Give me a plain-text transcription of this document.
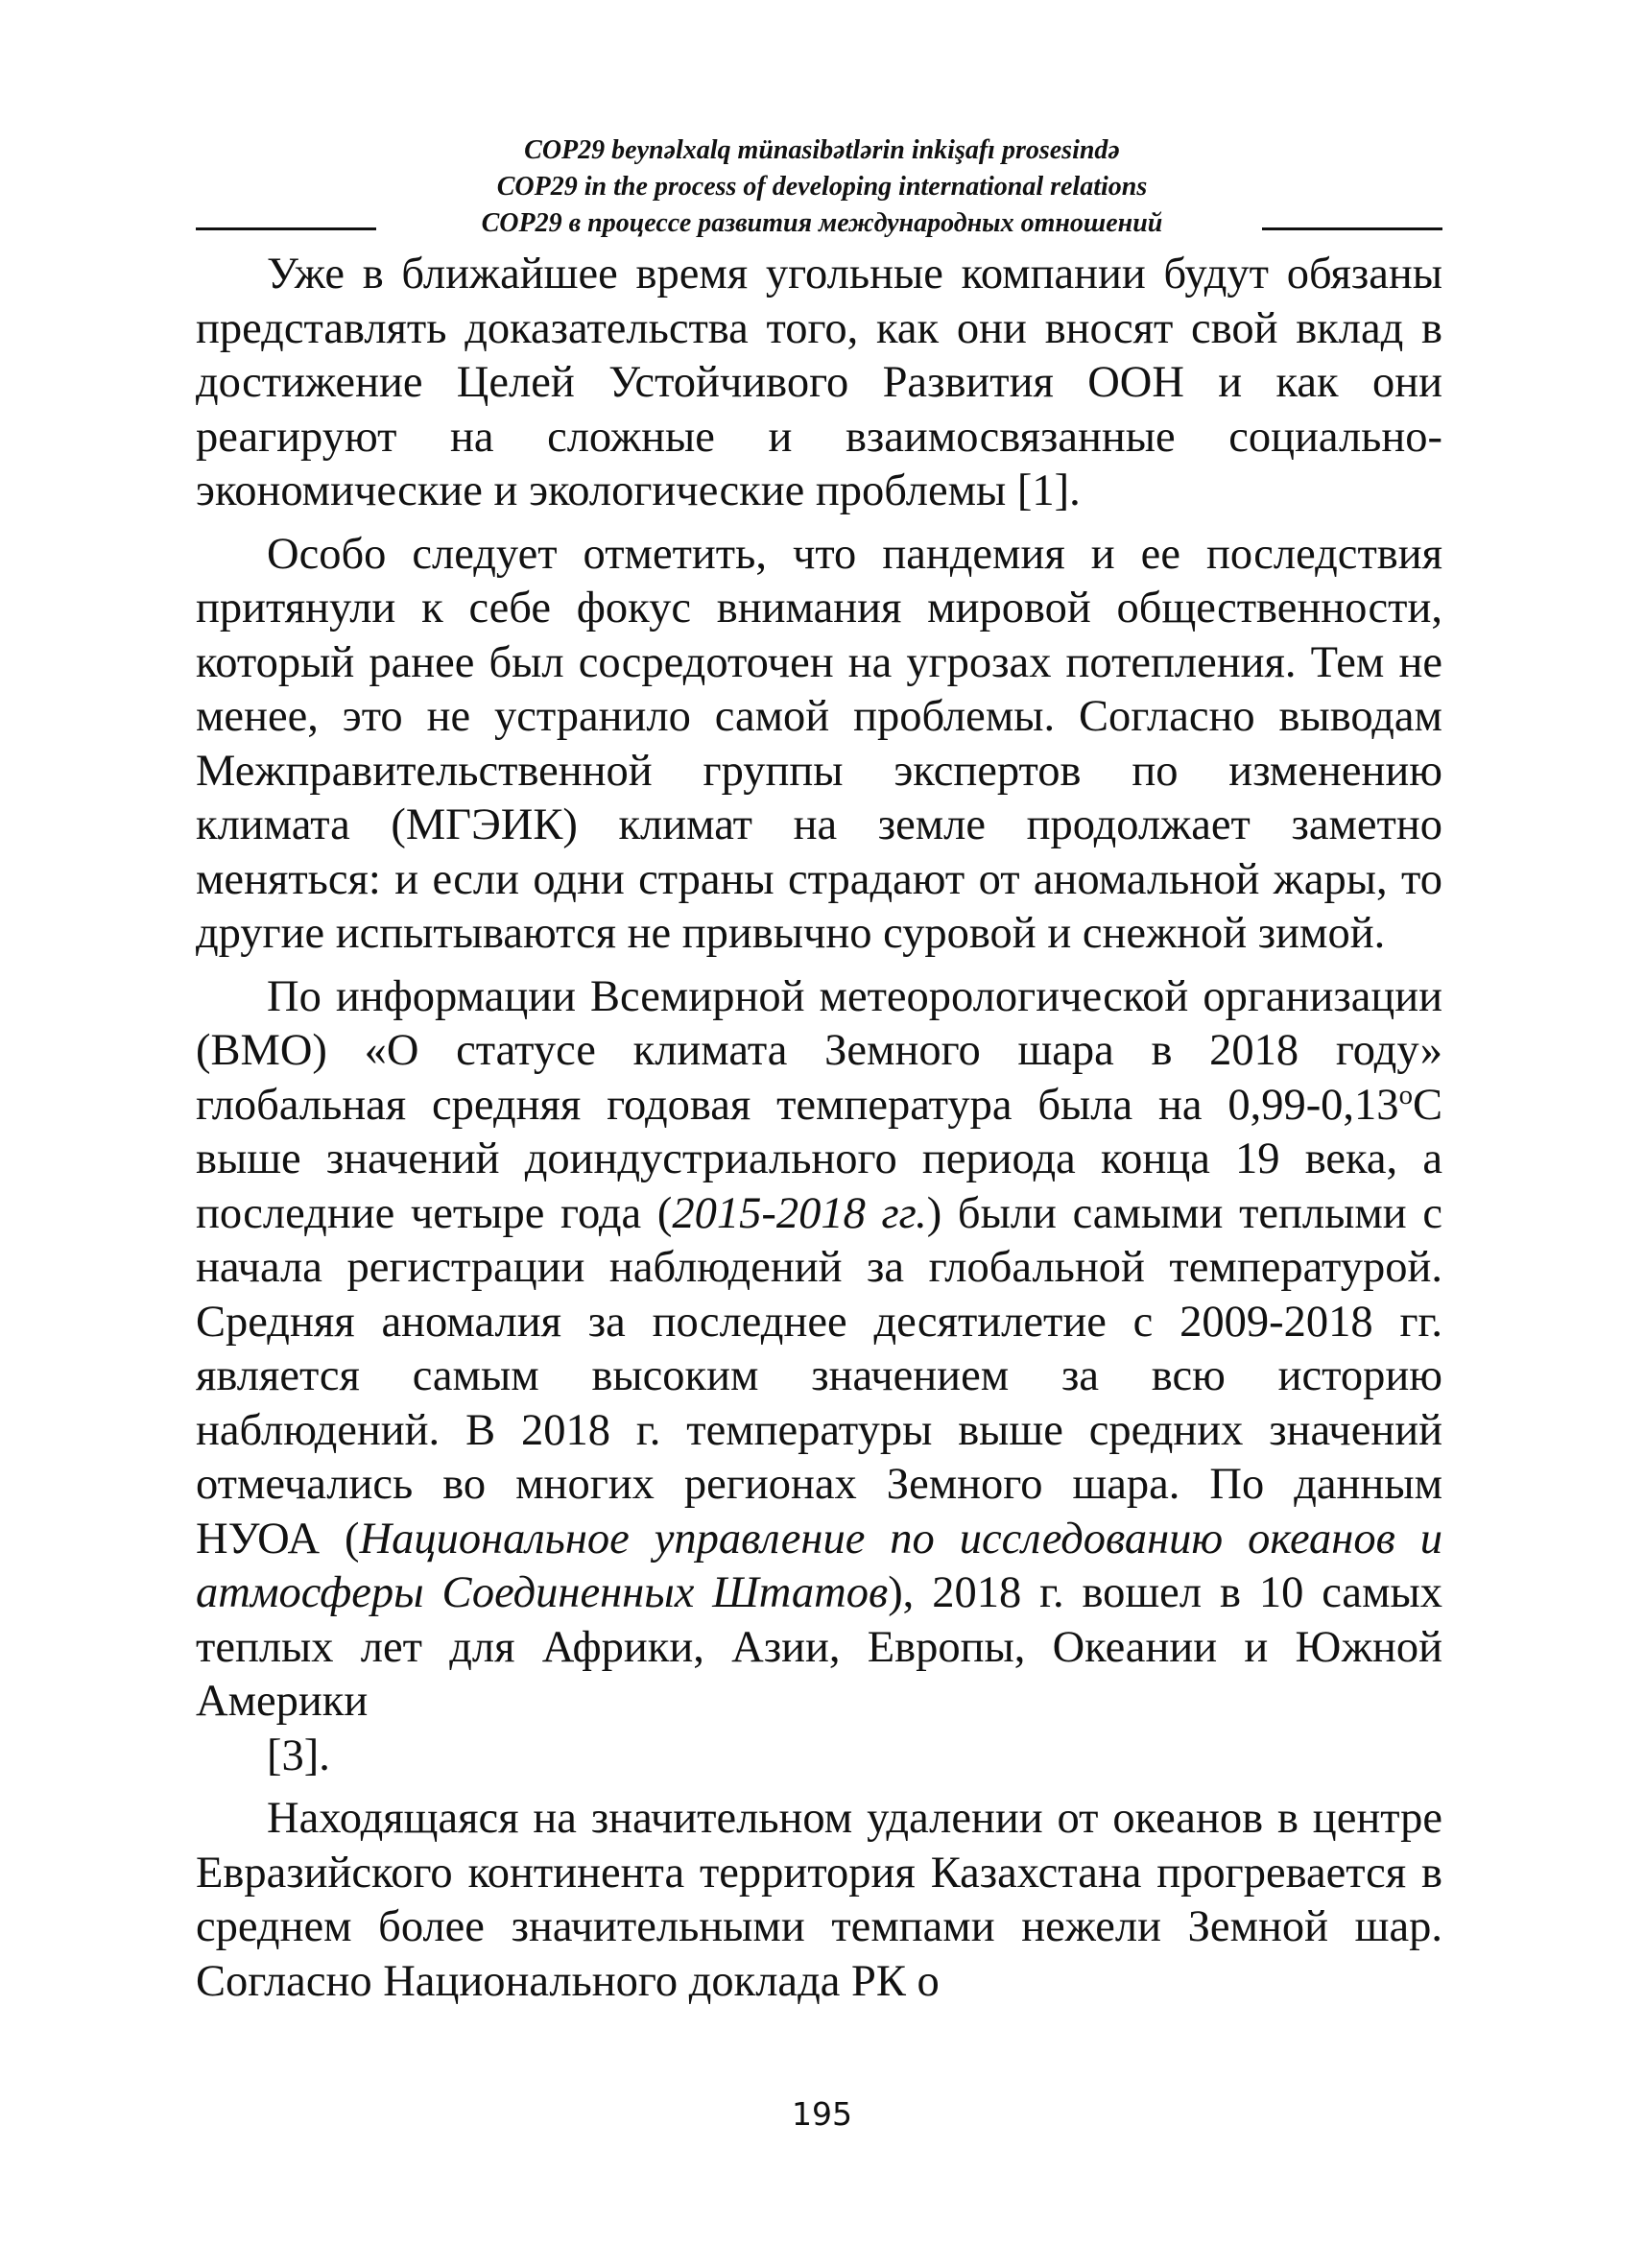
COP29 beynəlxalq münasibətlərin inkişafı prosesində
COP29 in the process of developing international relations
COP29 в процессе развития международных отношений

Уже в ближайшее время угольные компании будут обязаны представлять доказательства того, как они вносят свой вклад в достижение Целей Устойчивого Развития ООН и как они реагируют на сложные и взаимосвязанные социально-экономические и экологические проблемы [1].

Особо следует отметить, что пандемия и ее последствия притянули к себе фокус внимания мировой общественности, который ранее был сосредоточен на угрозах потепления. Тем не менее, это не устранило самой проблемы. Согласно выводам Межправительственной группы экспертов по изменению климата (МГЭИК) климат на земле продолжает заметно меняться: и если одни страны страдают от аномальной жары, то другие испытываются не привычно суровой и снежной зимой.

По информации Всемирной метеорологической организации (ВМО) «О статусе климата Земного шара в 2018 году» глобальная средняя годовая температура была на $0,99-0,13^оС$ выше значений доиндустриального периода конца 19 века, а последние четыре года (2015-2018 гг.) были самыми теплыми с начала регистрации наблюдений за глобальной температурой. Средняя аномалия за последнее десятилетие с 2009-2018 гг. является самым высоким значением за всю историю наблюдений. В 2018 г. температуры выше средних значений отмечались во многих регионах Земного шара. По данным НУОА (Национальное управление по исследованию океанов и атмосферы Соединенных Штатов), 2018 г. вошел в 10 самых теплых лет для Африки, Азии, Европы, Океании и Южной Америки
[3].

Находящаяся на значительном удалении от океанов в центре Евразийского континента территория Казахстана прогревается в среднем более значительными темпами нежели Земной шар. Согласно Национального доклада РК о

195
